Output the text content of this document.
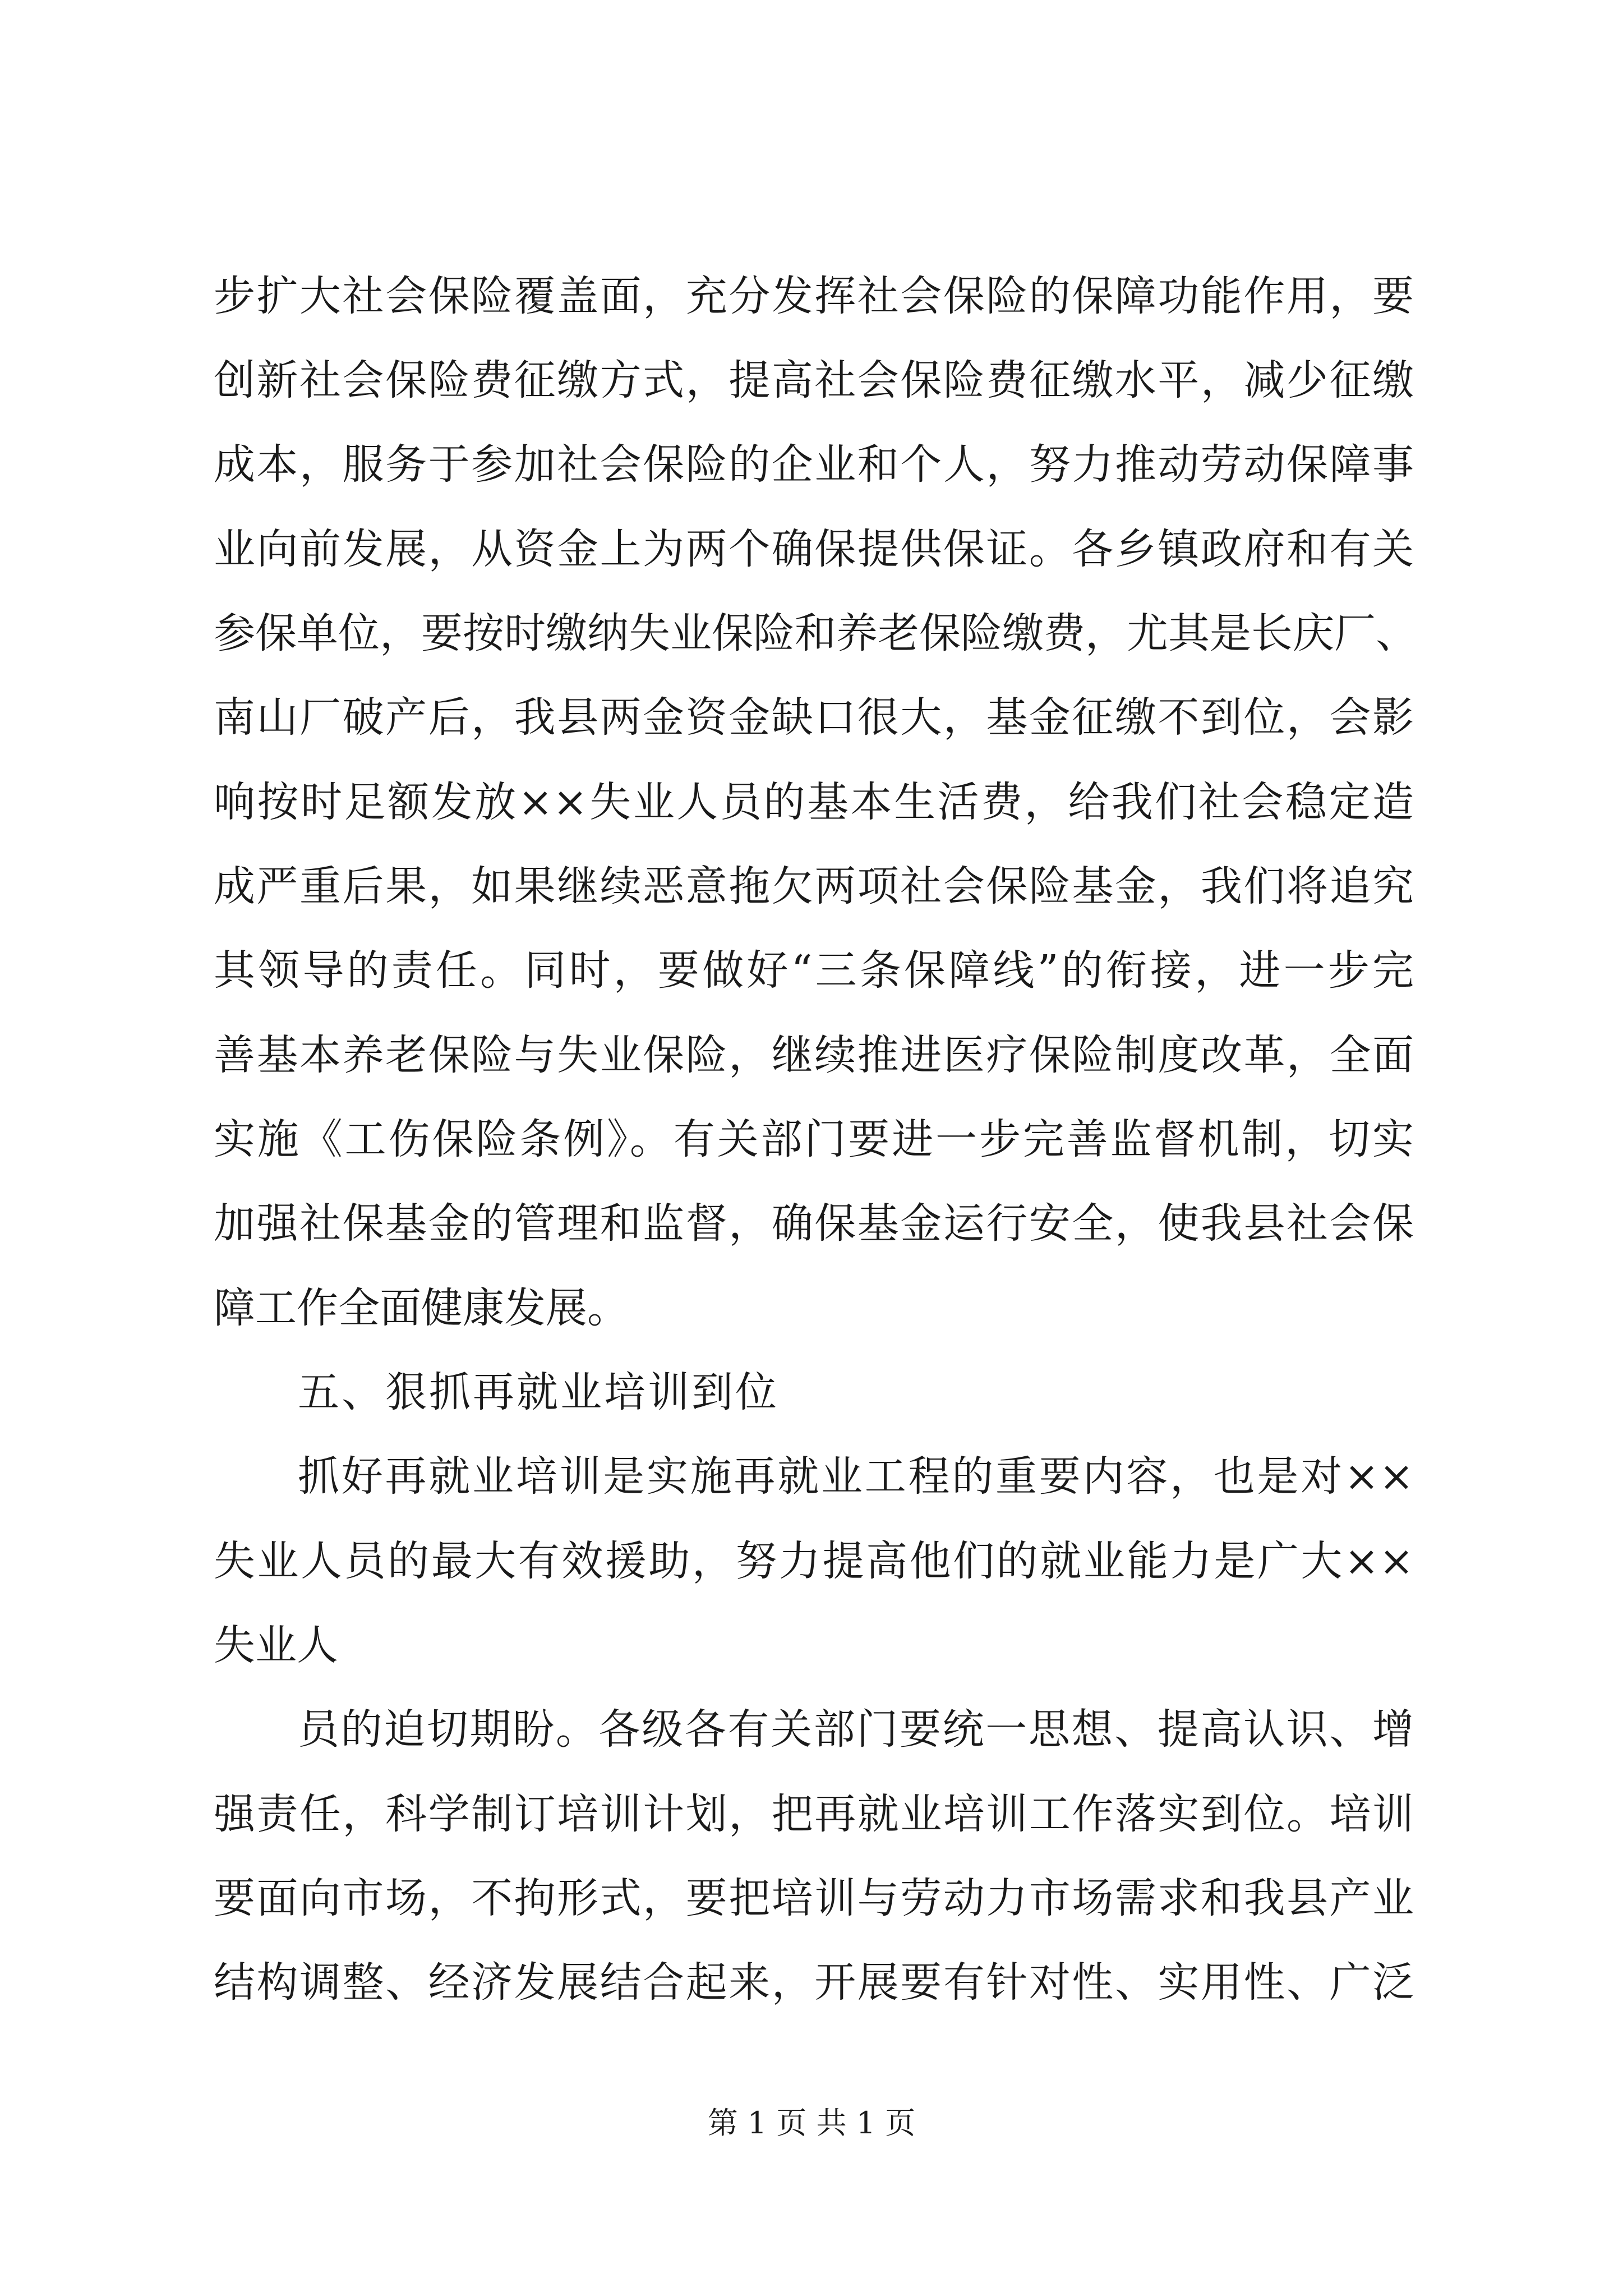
步扩大社会保险覆盖面，充分发挥社会保险的保障功能作用，要
创新社会保险费征缴方式，提高社会保险费征缴水平，减少征缴
成本，服务于参加社会保险的企业和个人，努力推动劳动保障事
业向前发展，从资金上为两个确保提供保证。各乡镇政府和有关
参保单位，要按时缴纳失业保险和养老保险缴费，尤其是长庆厂、
南山厂破产后，我县两金资金缺口很大，基金征缴不到位，会影
响按时足额发放××失业人员的基本生活费，给我们社会稳定造
成严重后果，如果继续恶意拖欠两项社会保险基金，我们将追究
其领导的责任。同时，要做好“三条保障线”的衔接，进一步完
善基本养老保险与失业保险，继续推进医疗保险制度改革，全面
实施《工伤保险条例》。有关部门要进一步完善监督机制，切实
加强社保基金的管理和监督，确保基金运行安全，使我县社会保
障工作全面健康发展。
五、狠抓再就业培训到位
抓好再就业培训是实施再就业工程的重要内容，也是对××
失业人员的最大有效援助，努力提高他们的就业能力是广大××
失业人
员的迫切期盼。各级各有关部门要统一思想、提高认识、增
强责任，科学制订培训计划，把再就业培训工作落实到位。培训
要面向市场，不拘形式，要把培训与劳动力市场需求和我县产业
结构调整、经济发展结合起来，开展要有针对性、实用性、广泛
第 1 页 共 1 页
